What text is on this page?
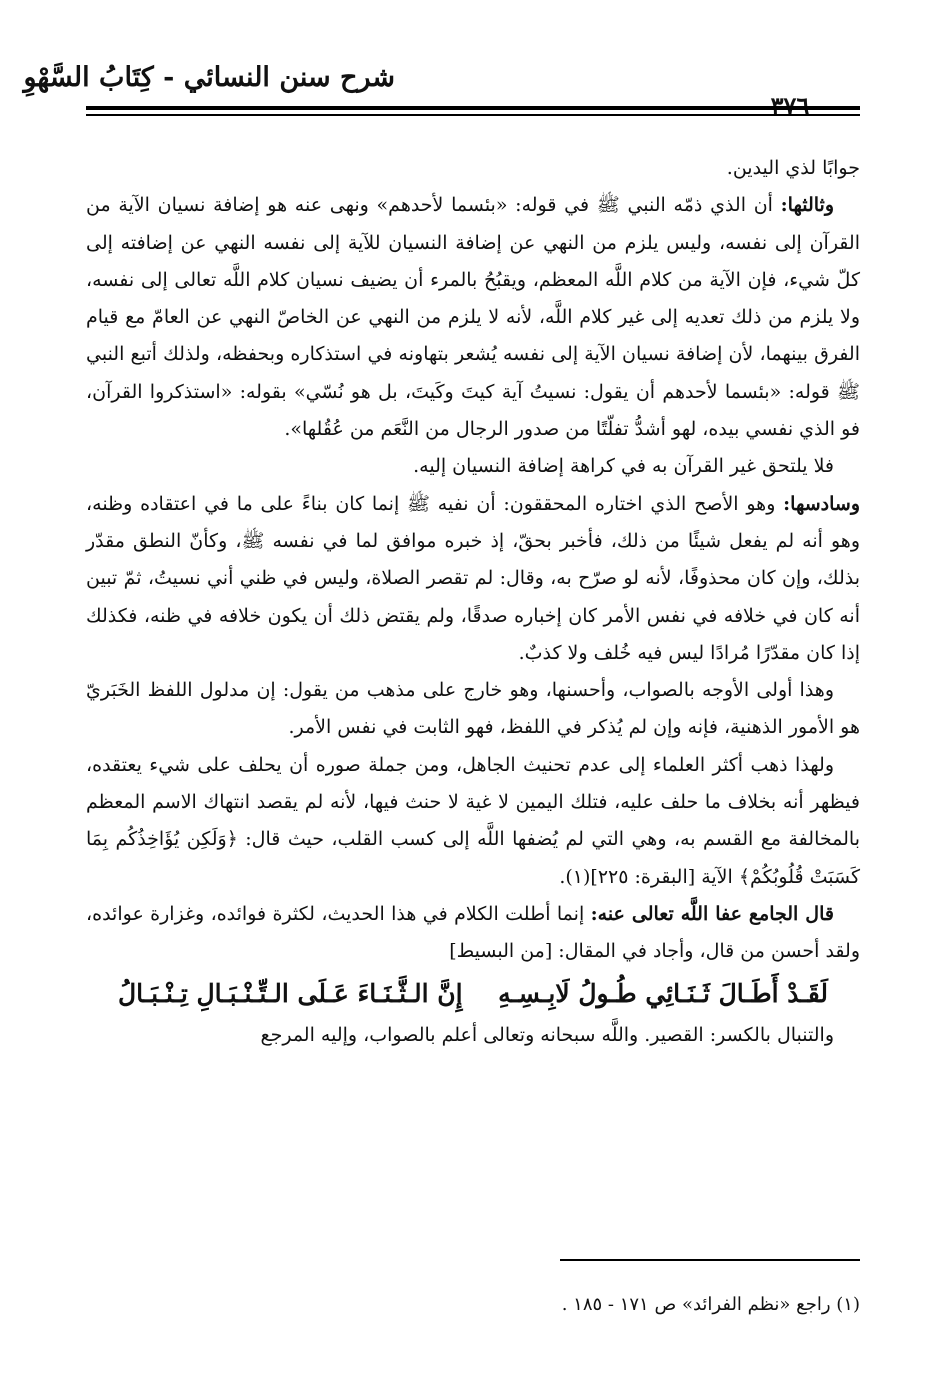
شرح سنن النسائي - كِتَابُ السَّهْوِ

جوابًا لذي اليدين.

وثالثها: أن الذي ذمّه النبي ﷺ في قوله: «بئسما لأحدهم» ونهى عنه هو إضافة نسيان الآية من القرآن إلى نفسه، وليس يلزم من النهي عن إضافة النسيان للآية إلى نفسه النهي عن إضافته إلى كلّ شيء، فإن الآية من كلام اللَّه المعظم، ويقبُحُ بالمرء أن يضيف نسيان كلام اللَّه تعالى إلى نفسه، ولا يلزم من ذلك تعديه إلى غير كلام اللَّه، لأنه لا يلزم من النهي عن الخاصّ النهي عن العامّ مع قيام الفرق بينهما، لأن إضافة نسيان الآية إلى نفسه يُشعر بتهاونه في استذكاره وبحفظه، ولذلك أتبع النبي ﷺ قوله: «بئسما لأحدهم أن يقول: نسيتُ آية كيتَ وكَيتَ، بل هو نُسّي» بقوله: «استذكروا القرآن، فو الذي نفسي بيده، لهو أشدُّ تفلّتًا من صدور الرجال من النَّعَم من عُقُلها».

فلا يلتحق غير القرآن به في كراهة إضافة النسيان إليه.

وسادسها: وهو الأصح الذي اختاره المحققون: أن نفيه ﷺ إنما كان بناءً على ما في اعتقاده وظنه، وهو أنه لم يفعل شيئًا من ذلك، فأخبر بحقّ، إذ خبره موافق لما في نفسه ﷺ، وكأنّ النطق مقدّر بذلك، وإن كان محذوفًا، لأنه لو صرّح به، وقال: لم تقصر الصلاة، وليس في ظني أني نسيتُ، ثمّ تبين أنه كان في خلافه في نفس الأمر كان إخباره صدقًا، ولم يقتض ذلك أن يكون خلافه في ظنه، فكذلك إذا كان مقدّرًا مُرادًا ليس فيه خُلف ولا كذبٌ.

وهذا أولى الأوجه بالصواب، وأحسنها، وهو خارج على مذهب من يقول: إن مدلول اللفظ الخَبَريّ هو الأمور الذهنية، فإنه وإن لم يُذكر في اللفظ، فهو الثابت في نفس الأمر.

ولهذا ذهب أكثر العلماء إلى عدم تحنيث الجاهل، ومن جملة صوره أن يحلف على شيء يعتقده، فيظهر أنه بخلاف ما حلف عليه، فتلك اليمين لا غية لا حنث فيها، لأنه لم يقصد انتهاك الاسم المعظم بالمخالفة مع القسم به، وهي التي لم يُضفها اللَّه إلى كسب القلب، حيث قال: ﴿وَلَكِن يُؤَاخِذُكُم بِمَا كَسَبَتْ قُلُوبُكُمْ﴾ الآية [البقرة: ٢٢٥](١).

قال الجامع عفا اللَّه تعالى عنه: إنما أطلت الكلام في هذا الحديث، لكثرة فوائده، وغزارة عوائده، ولقد أحسن من قال، وأجاد في المقال: [من البسيط]

لَقَـدْ أَطَـالَ ثَـنَـائِي طُـولُ لَابِـسِـهِ
إِنَّ الـثَّـنَـاءَ عَـلَى الـتِّـنْـبَـالِ تِـنْـبَـالُ

والتنبال بالكسر: القصير. واللَّه سبحانه وتعالى أعلم بالصواب، وإليه المرجع

(١) راجع «نظم الفرائد» ص ١٧١ - ١٨٥ .
